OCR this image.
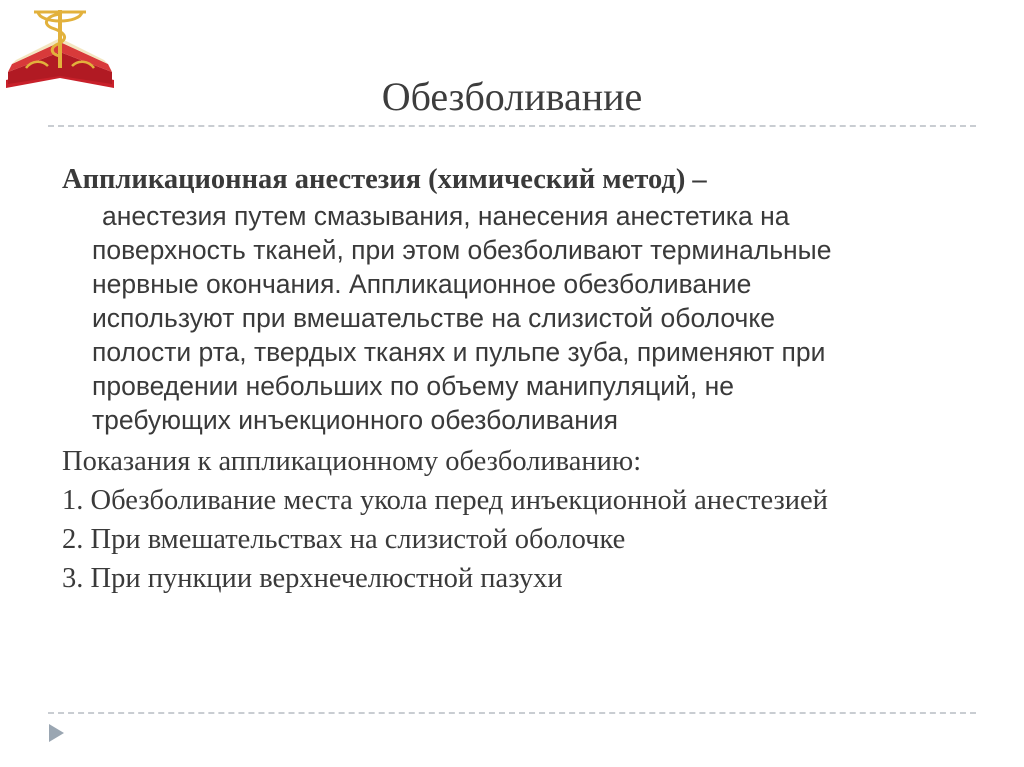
Обезболивание
Аппликационная анестезия (химический метод) –
анестезия путем смазывания, нанесения анестетика на
поверхность тканей, при этом обезболивают терминальные
нервные окончания. Аппликационное обезболивание
используют при вмешательстве на слизистой оболочке
полости рта, твердых тканях и пульпе зуба, применяют при
проведении небольших по объему манипуляций, не
требующих инъекционного обезболивания
Показания к аппликационному обезболиванию:
1. Обезболивание места укола перед инъекционной анестезией
2. При вмешательствах на слизистой оболочке
3. При пункции верхнечелюстной пазухи
